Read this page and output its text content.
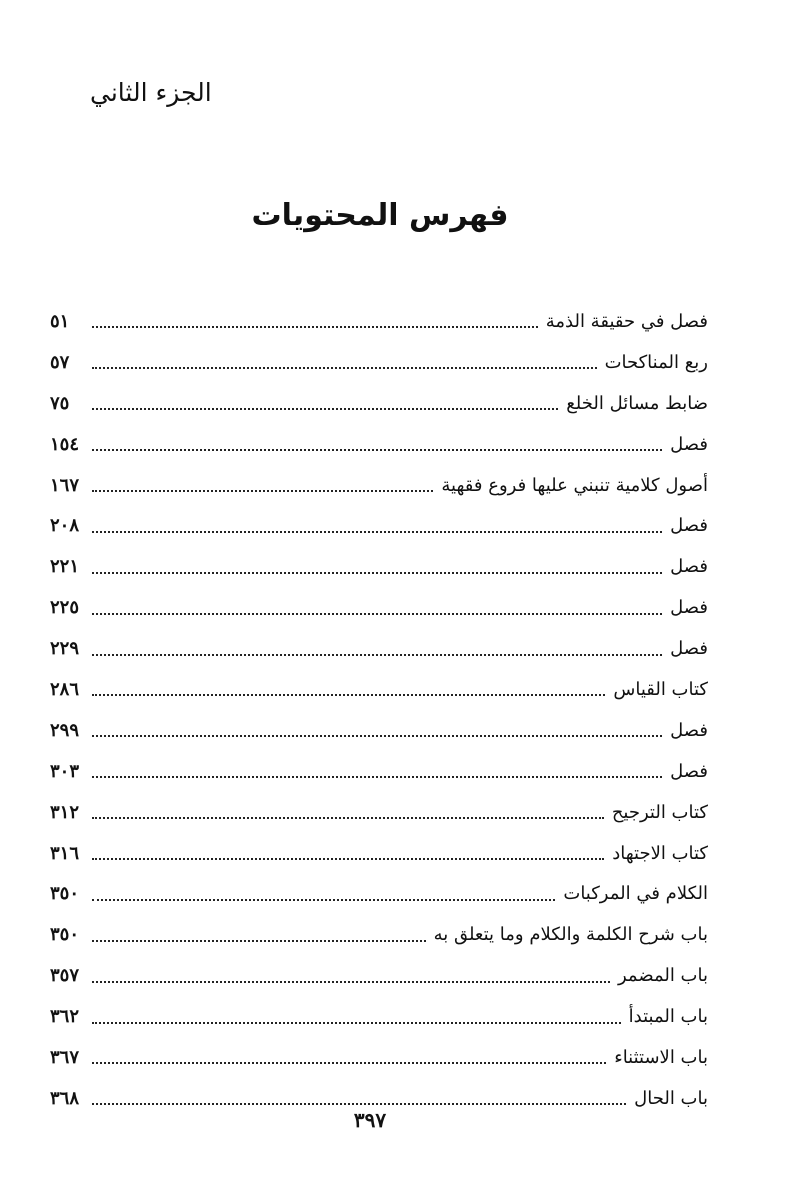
الجزء الثاني
فهرس المحتويات
فصل في حقيقة الذمة
٥١
ربع المناكحات
٥٧
ضابط مسائل الخلع
٧٥
فصل
١٥٤
أصول كلامية تنبني عليها فروع فقهية
١٦٧
فصل
٢٠٨
فصل
٢٢١
فصل
٢٢٥
فصل
٢٢٩
كتاب القياس
٢٨٦
فصل
٢٩٩
فصل
٣٠٣
كتاب الترجيح
٣١٢
كتاب الاجتهاد
٣١٦
الكلام في المركبات
٣٥٠
باب شرح الكلمة والكلام وما يتعلق به
٣٥٠
باب المضمر
٣٥٧
باب المبتدأ
٣٦٢
باب الاستثناء
٣٦٧
باب الحال
٣٦٨
٣٩٧
